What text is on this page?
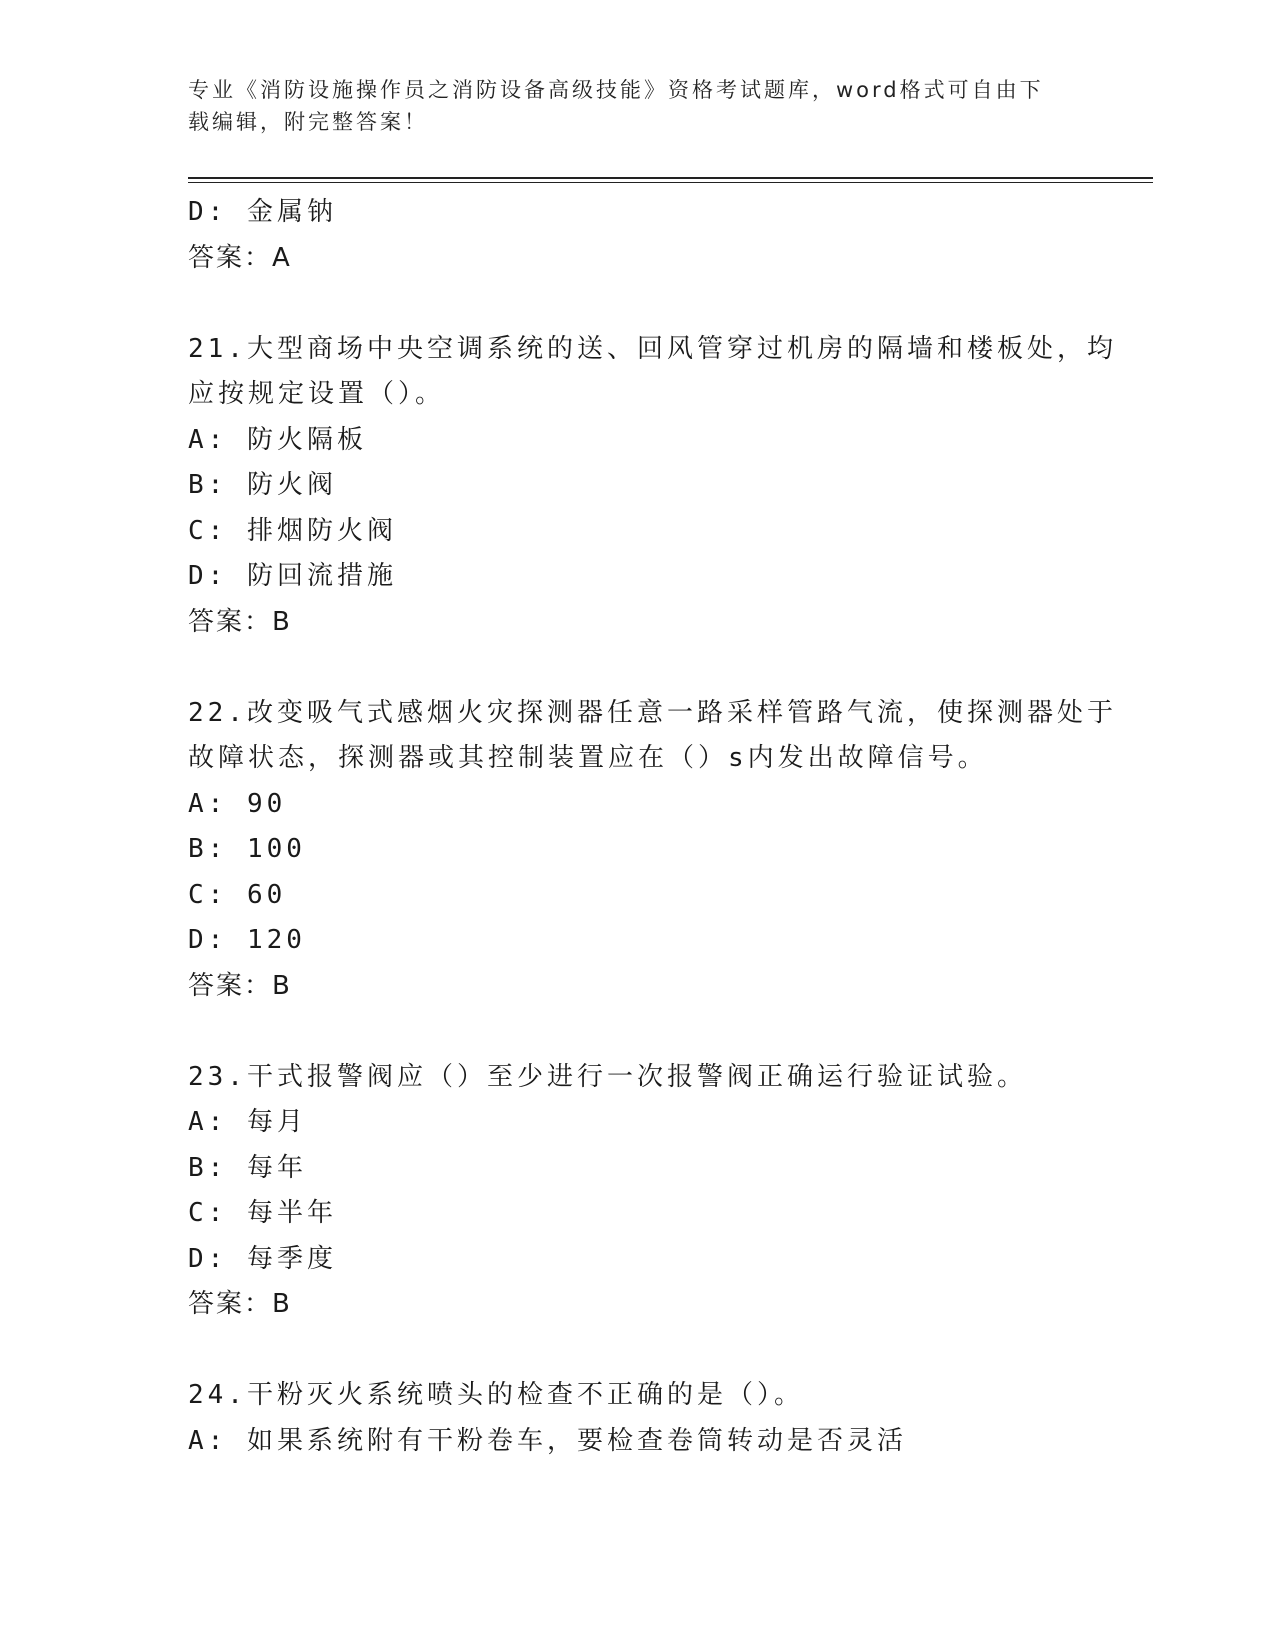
专业《消防设施操作员之消防设备高级技能》资格考试题库，word格式可自由下
载编辑，附完整答案！
D: 金属钠
答案：A
21.大型商场中央空调系统的送、回风管穿过机房的隔墙和楼板处，均
应按规定设置（）。
A: 防火隔板
B: 防火阀
C: 排烟防火阀
D: 防回流措施
答案：B
22.改变吸气式感烟火灾探测器任意一路采样管路气流，使探测器处于
故障状态，探测器或其控制装置应在（）s内发出故障信号。
A: 90
B: 100
C: 60
D: 120
答案：B
23.干式报警阀应（）至少进行一次报警阀正确运行验证试验。
A: 每月
B: 每年
C: 每半年
D: 每季度
答案：B
24.干粉灭火系统喷头的检查不正确的是（）。
A: 如果系统附有干粉卷车，要检查卷筒转动是否灵活
